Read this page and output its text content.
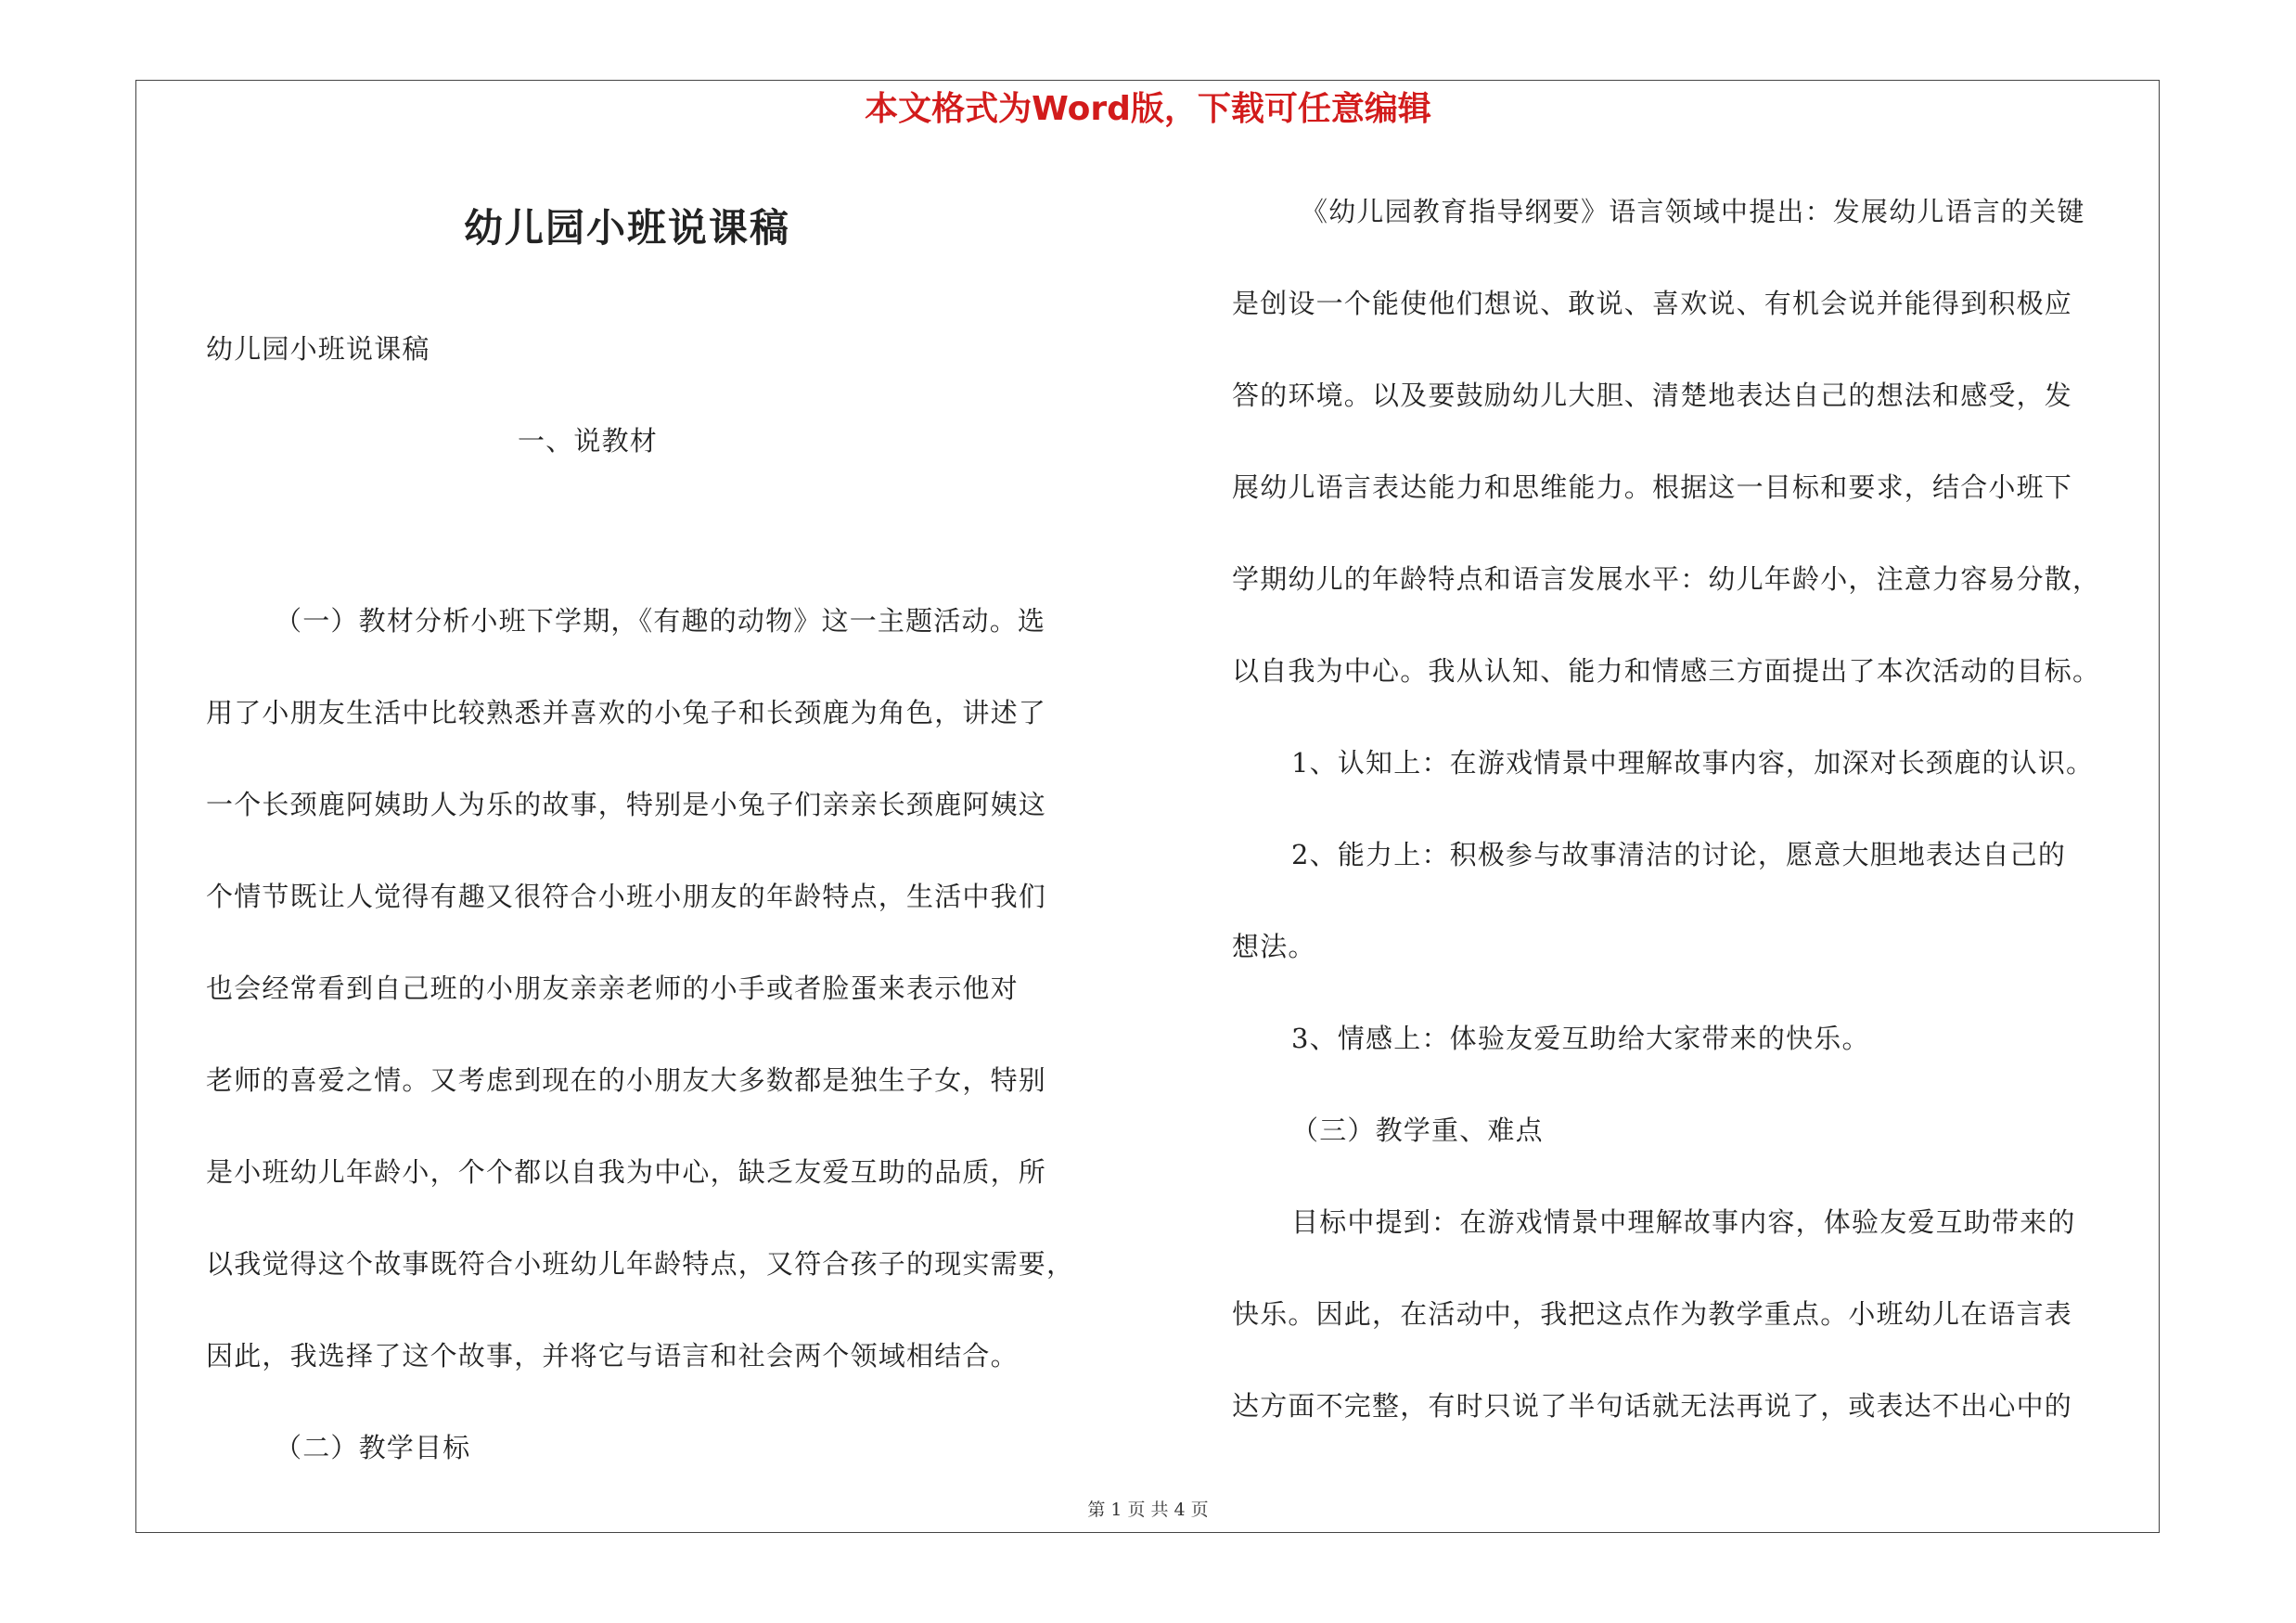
本文格式为Word版，下载可任意编辑
幼儿园小班说课稿
幼儿园小班说课稿
一、说教材
（一）教材分析小班下学期，《有趣的动物》这一主题活动。选
用了小朋友生活中比较熟悉并喜欢的小兔子和长颈鹿为角色，讲述了
一个长颈鹿阿姨助人为乐的故事，特别是小兔子们亲亲长颈鹿阿姨这
个情节既让人觉得有趣又很符合小班小朋友的年龄特点，生活中我们
也会经常看到自己班的小朋友亲亲老师的小手或者脸蛋来表示他对
老师的喜爱之情。又考虑到现在的小朋友大多数都是独生子女，特别
是小班幼儿年龄小，个个都以自我为中心，缺乏友爱互助的品质，所
以我觉得这个故事既符合小班幼儿年龄特点，又符合孩子的现实需要，
因此，我选择了这个故事，并将它与语言和社会两个领域相结合。
（二）教学目标
《幼儿园教育指导纲要》语言领域中提出：发展幼儿语言的关键
是创设一个能使他们想说、敢说、喜欢说、有机会说并能得到积极应
答的环境。以及要鼓励幼儿大胆、清楚地表达自己的想法和感受，发
展幼儿语言表达能力和思维能力。根据这一目标和要求，结合小班下
学期幼儿的年龄特点和语言发展水平：幼儿年龄小，注意力容易分散，
以自我为中心。我从认知、能力和情感三方面提出了本次活动的目标。
1、认知上：在游戏情景中理解故事内容，加深对长颈鹿的认识。
2、能力上：积极参与故事清洁的讨论，愿意大胆地表达自己的
想法。
3、情感上：体验友爱互助给大家带来的快乐。
（三）教学重、难点
目标中提到：在游戏情景中理解故事内容，体验友爱互助带来的
快乐。因此，在活动中，我把这点作为教学重点。小班幼儿在语言表
达方面不完整，有时只说了半句话就无法再说了，或表达不出心中的
第 1 页 共 4 页
